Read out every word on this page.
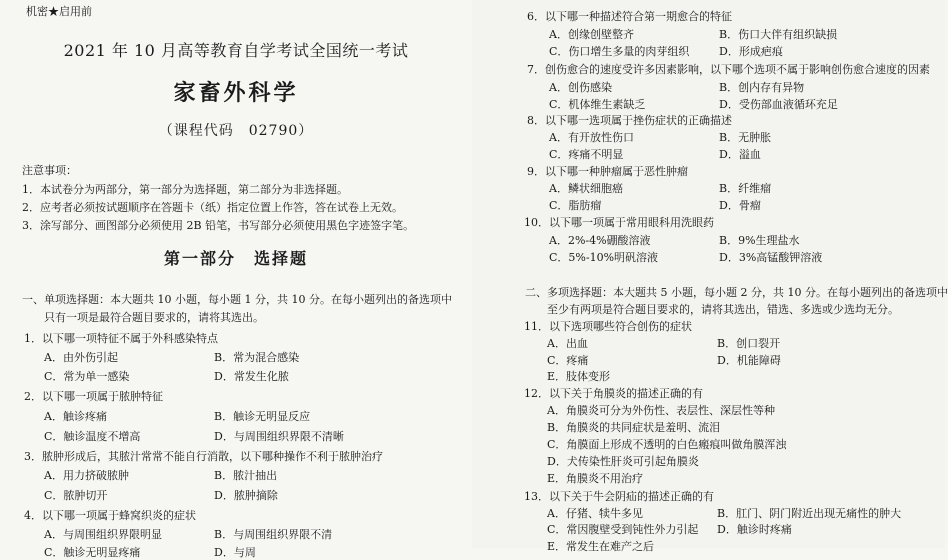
机密★启用前
2021 年 10 月高等教育自学考试全国统一考试
家畜外科学
（课程代码　02790）
注意事项：
1．本试卷分为两部分，第一部分为选择题，第二部分为非选择题。
2．应考者必须按试题顺序在答题卡（纸）指定位置上作答，答在试卷上无效。
3．涂写部分、画图部分必须使用 2B 铅笔，书写部分必须使用黑色字迹签字笔。
第一部分　选择题
一、单项选择题：本大题共 10 小题，每小题 1 分，共 10 分。在每小题列出的备选项中
只有一项是最符合题目要求的，请将其选出。
1．以下哪一项特征不属于外科感染特点
A．由外伤引起	B．常为混合感染
C．常为单一感染	D．常发生化脓
2．以下哪一项属于脓肿特征
A．触诊疼痛	B．触诊无明显反应
C．触诊温度不增高	D．与周围组织界限不清晰
3．脓肿形成后，其脓汁常常不能自行消散，以下哪种操作不利于脓肿治疗
A．用力挤破脓肿	B．脓汁抽出
C．脓肿切开	D．脓肿摘除
4．以下哪一项属于蜂窝织炎的症状
A．与周围组织界限明显	B．与周围组织界限不清
C．触诊无明显疼痛	D．与周
6．以下哪一种描述符合第一期愈合的特征
A．创缘创壁整齐	B．伤口大伴有组织缺损
C．伤口增生多量的肉芽组织	D．形成疤痕
7．创伤愈合的速度受许多因素影响，以下哪个选项不属于影响创伤愈合速度的因素
A．创伤感染	B．创内存有异物
C．机体维生素缺乏	D．受伤部血液循环充足
8．以下哪一选项属于挫伤症状的正确描述
A．有开放性伤口	B．无肿胀
C．疼痛不明显	D．溢血
9．以下哪一种肿瘤属于恶性肿瘤
A．鳞状细胞癌	B．纤维瘤
C．脂肪瘤	D．骨瘤
10．以下哪一项属于常用眼科用洗眼药
A．2%-4%硼酸溶液	B．9%生理盐水
C．5%-10%明矾溶液	D．3%高锰酸钾溶液
二、多项选择题：本大题共 5 小题，每小题 2 分，共 10 分。在每小题列出的备选项中
至少有两项是符合题目要求的，请将其选出，错选、多选或少选均无分。
11．以下选项哪些符合创伤的症状
A．出血	B．创口裂开
C．疼痛	D．机能障碍
E．肢体变形
12．以下关于角膜炎的描述正确的有
A．角膜炎可分为外伤性、表层性、深层性等种
B．角膜炎的共同症状是羞明、流泪
C．角膜面上形成不透明的白色瘢痕叫做角膜浑浊
D．犬传染性肝炎可引起角膜炎
E．角膜炎不用治疗
13．以下关于牛会阴疝的描述正确的有
A．仔猪、犊牛多见	B．肛门、阴门附近出现无痛性的肿大
C．常因腹壁受到钝性外力引起 D．触诊时疼痛
E．常发生在难产之后
